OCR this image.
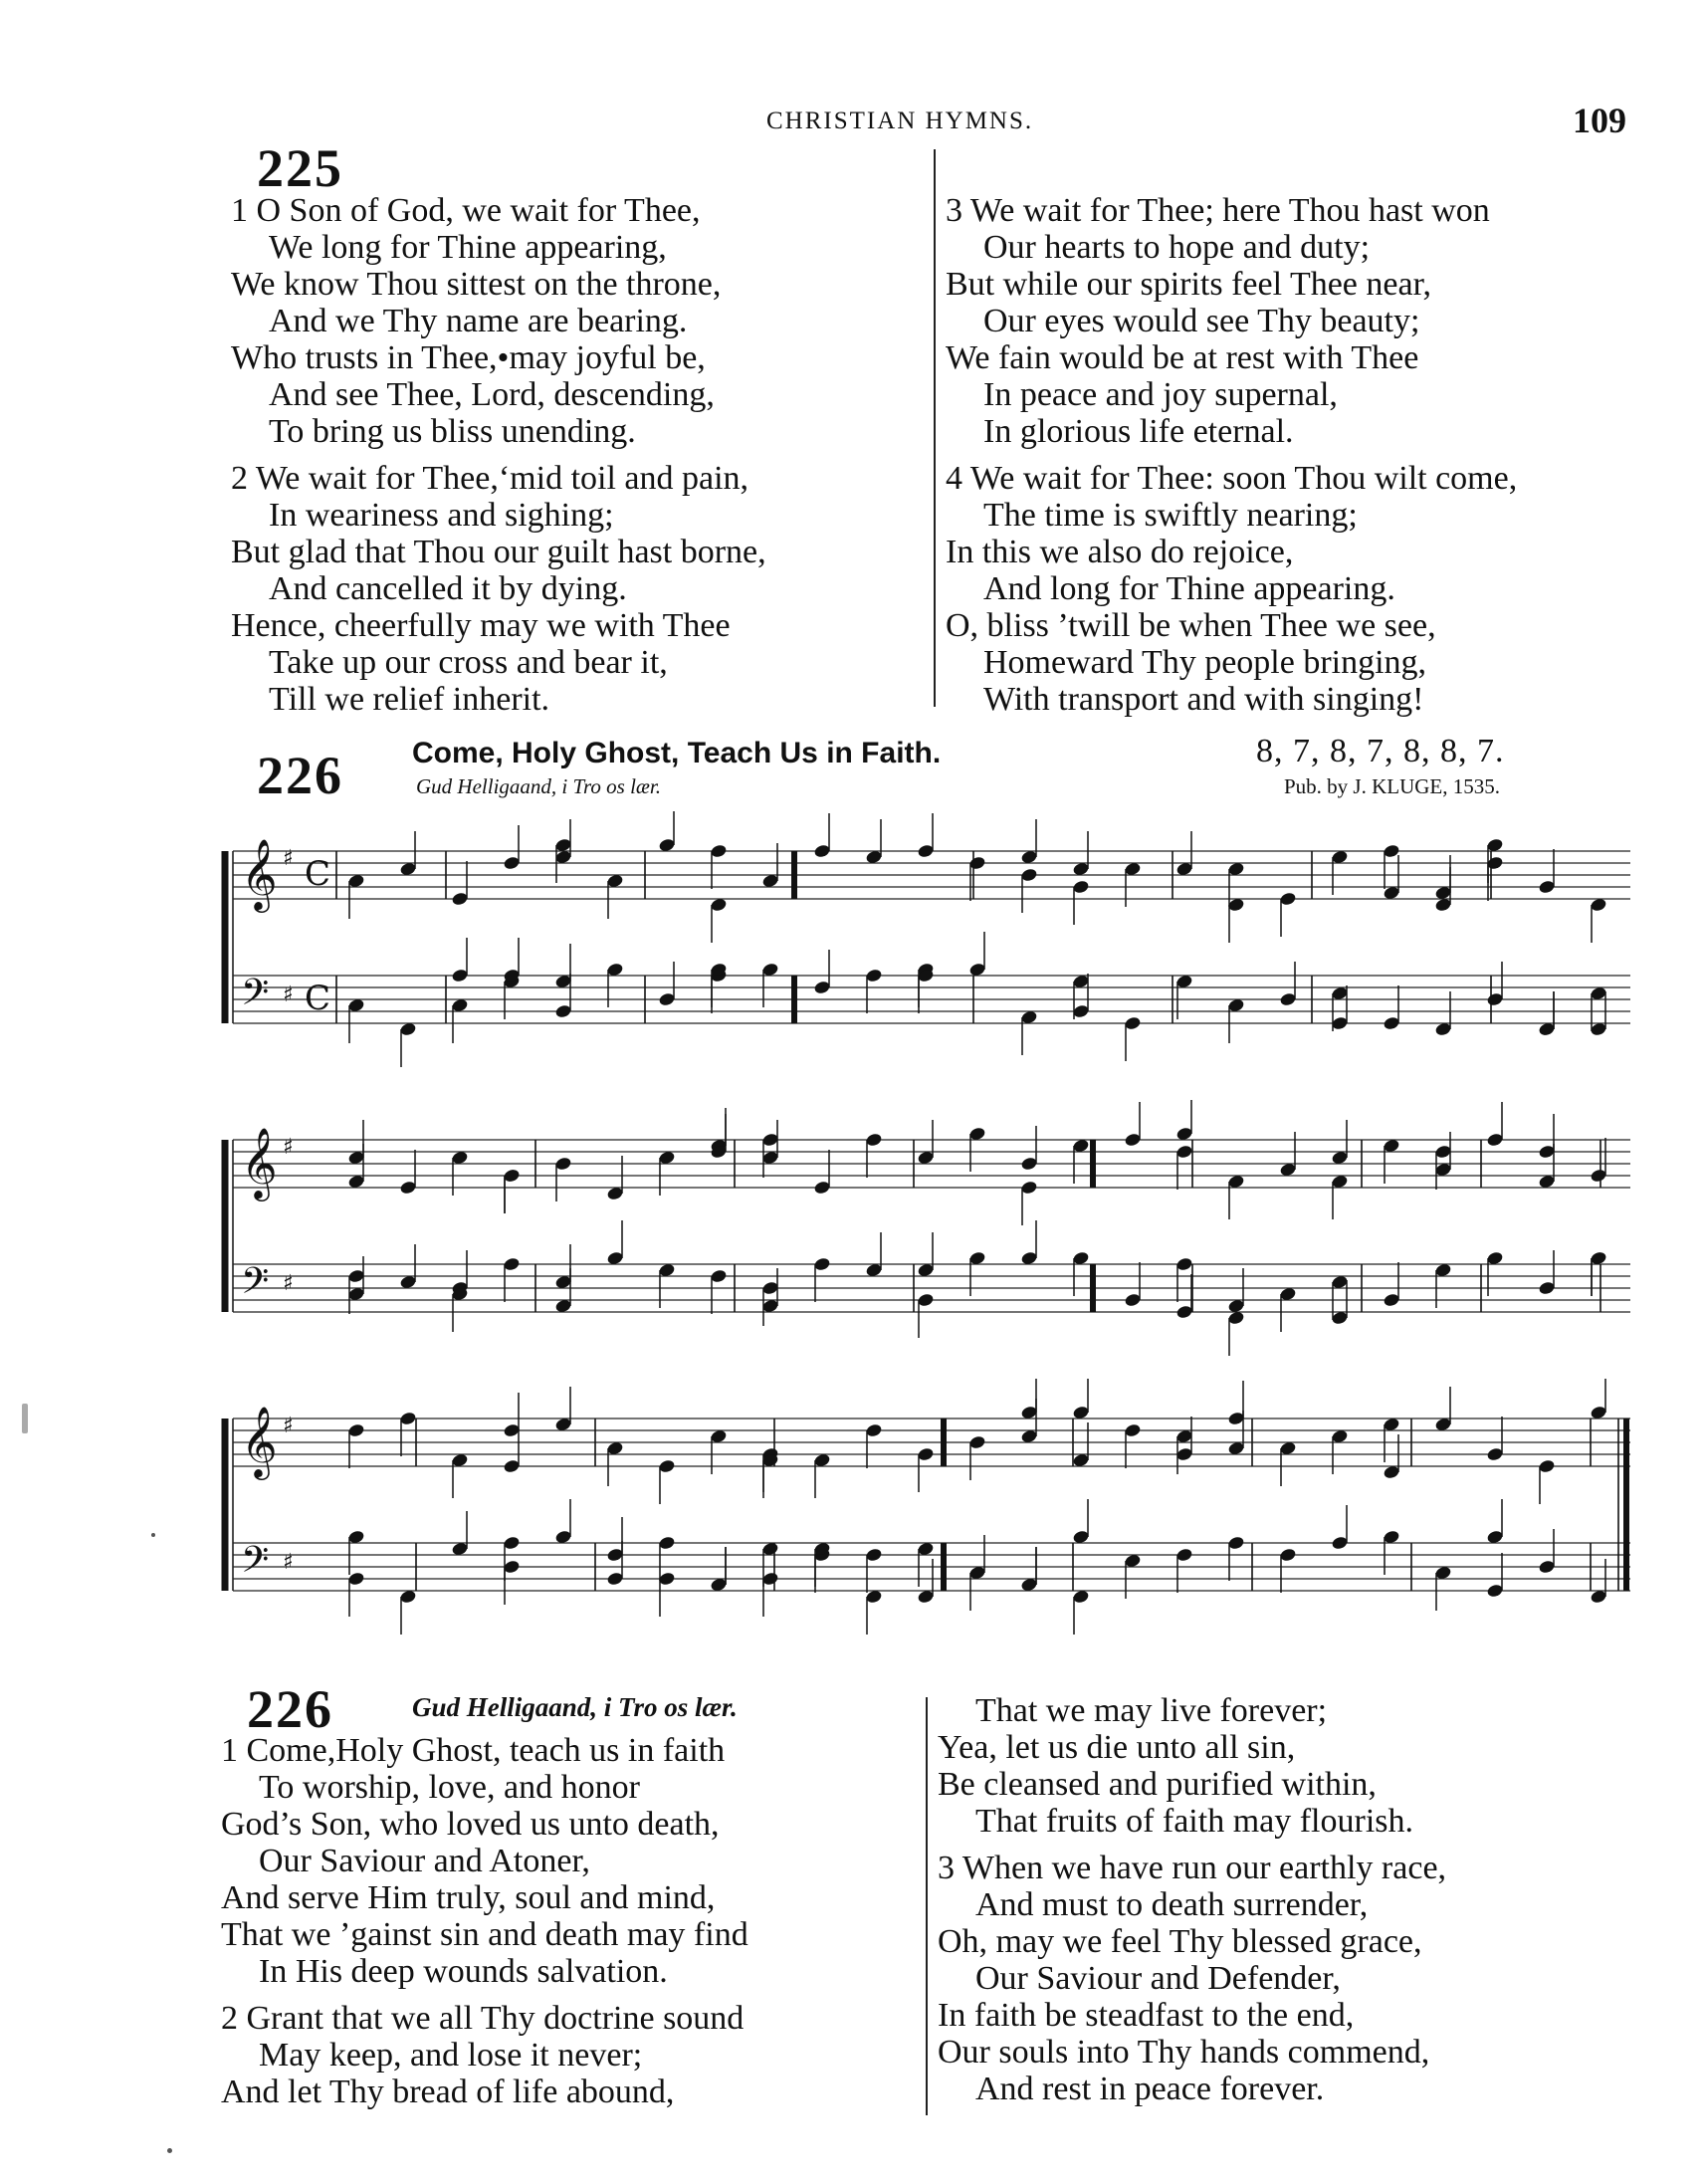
CHRISTIAN HYMNS.	109
225
1 O Son of God, we wait for Thee,
We long for Thine appearing,
We know Thou sittest on the throne,
And we Thy name are bearing.
Who trusts in Thee,•may joyful be,
And see Thee, Lord, descending,
To bring us bliss unending.
2 We wait for Thee,‘mid toil and pain,
In weariness and sighing;
But glad that Thou our guilt hast borne,
And cancelled it by dying.
Hence, cheerfully may we with Thee
Take up our cross and bear it,
Till we relief inherit.
3 We wait for Thee; here Thou hast won
Our hearts to hope and duty;
But while our spirits feel Thee near,
Our eyes would see Thy beauty;
We fain would be at rest with Thee
In peace and joy supernal,
In glorious life eternal.
4 We wait for Thee: soon Thou wilt come,
The time is swiftly nearing;
In this we also do rejoice,
And long for Thine appearing.
O, bliss ’twill be when Thee we see,
Homeward Thy people bringing,
With transport and with singing!
226 Come, Holy Ghost, Teach Us in Faith.
Gud Helligaand, i Tro os lær.
8, 7, 8, 7, 8, 8, 7.
Pub. by J. KLUGE, 1535.
𝄞 ♯ C
𝄢 ♯ C
𝄞 ♯
𝄢 ♯
𝄞 ♯
𝄢 ♯
226	Gud Helligaand, i Tro os lær.
1 Come,Holy Ghost, teach us in faith
To worship, love, and honor
God’s Son, who loved us unto death,
Our Saviour and Atoner,
And serve Him truly, soul and mind,
That we ’gainst sin and death may find
In His deep wounds salvation.
2 Grant that we all Thy doctrine sound
May keep, and lose it never;
And let Thy bread of life abound,
That we may live forever;
Yea, let us die unto all sin,
Be cleansed and purified within,
That fruits of faith may flourish.
3 When we have run our earthly race,
And must to death surrender,
Oh, may we feel Thy blessed grace,
Our Saviour and Defender,
In faith be steadfast to the end,
Our souls into Thy hands commend,
And rest in peace forever.
